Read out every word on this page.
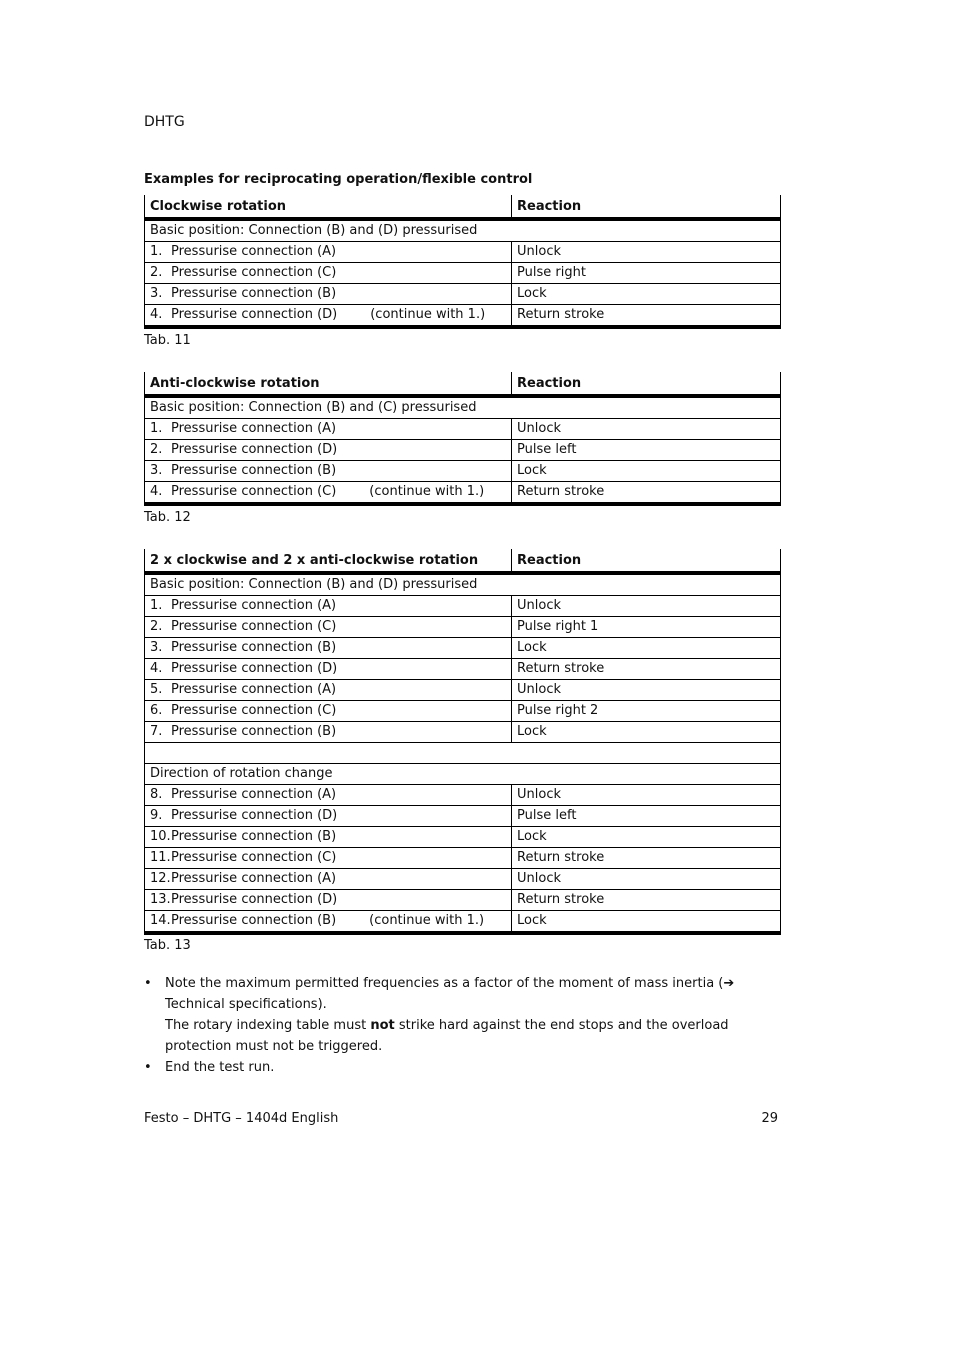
DHTG
Examples for reciprocating operation/flexible control
Clockwise rotation	Reaction
Basic position: Connection (B) and (D) pressurised	
1. Pressurise connection (A)	Unlock
2. Pressurise connection (C)	Pulse right
3. Pressurise connection (B)	Lock
4. Pressurise connection (D) (continue with 1.)	Return stroke
Tab. 11
Anti-clockwise rotation	Reaction
Basic position: Connection (B) and (C) pressurised	
1. Pressurise connection (A)	Unlock
2. Pressurise connection (D)	Pulse left
3. Pressurise connection (B)	Lock
4. Pressurise connection (C) (continue with 1.)	Return stroke
Tab. 12
2 x clockwise and 2 x anti-clockwise rotation	Reaction
Basic position: Connection (B) and (D) pressurised	
1. Pressurise connection (A)	Unlock
2. Pressurise connection (C)	Pulse right 1
3. Pressurise connection (B)	Lock
4. Pressurise connection (D)	Return stroke
5. Pressurise connection (A)	Unlock
6. Pressurise connection (C)	Pulse right 2
7. Pressurise connection (B)	Lock

Direction of rotation change	
8. Pressurise connection (A)	Unlock
9. Pressurise connection (D)	Pulse left
10.Pressurise connection (B)	Lock
11.Pressurise connection (C)	Return stroke
12.Pressurise connection (A)	Unlock
13.Pressurise connection (D)	Return stroke
14.Pressurise connection (B) (continue with 1.)	Lock
Tab. 13
• Note the maximum permitted frequencies as a factor of the moment of mass inertia (➔ Technical specifications).
The rotary indexing table must not strike hard against the end stops and the overload protection must not be triggered.
• End the test run.
Festo – DHTG – 1404d English	29
